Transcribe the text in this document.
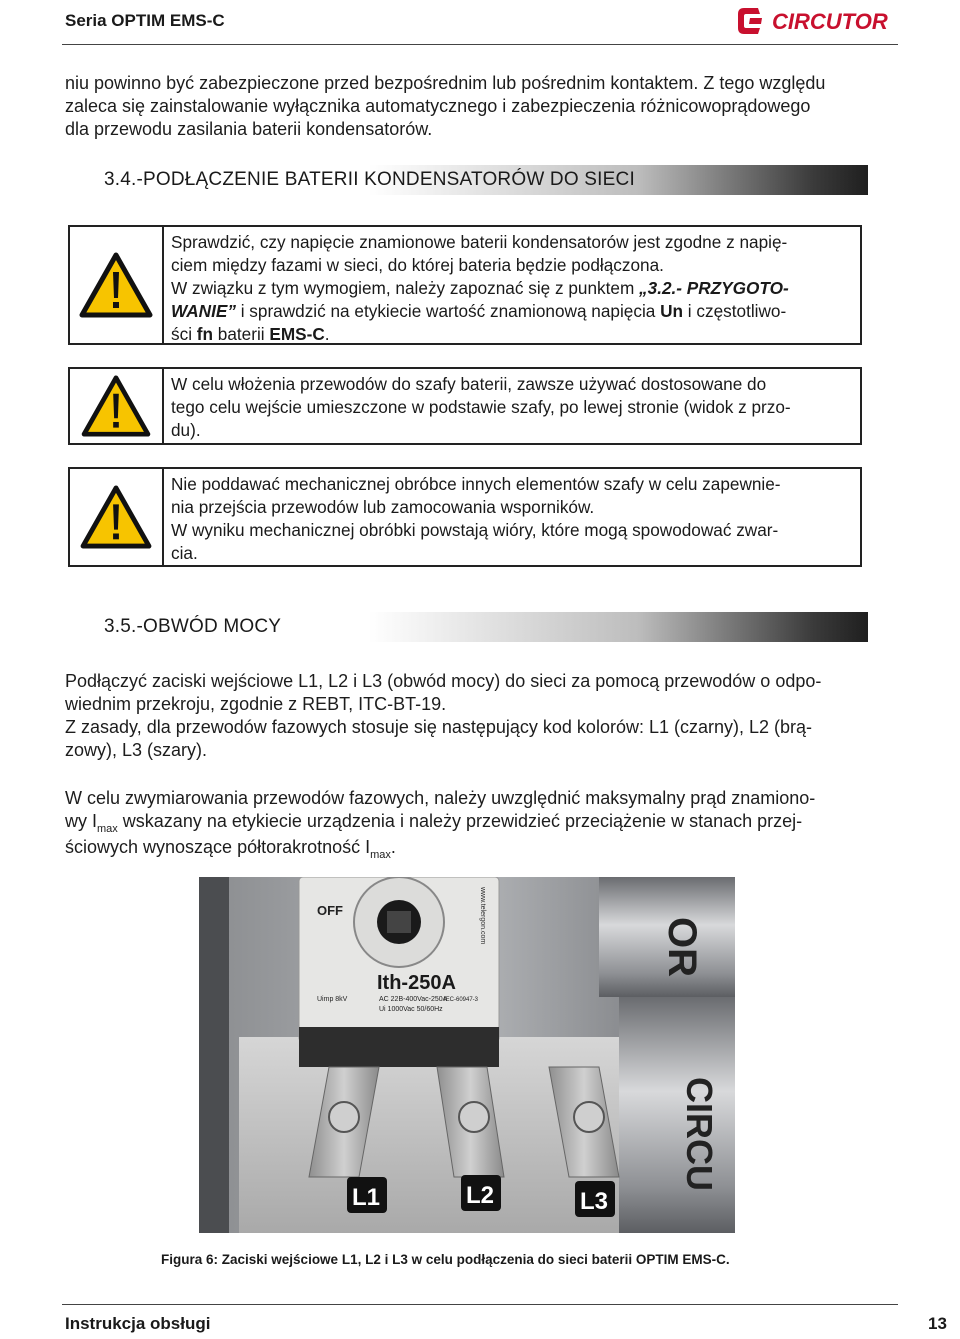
Seria OPTIM EMS-C	CIRCUTOR
niu powinno być zabezpieczone przed bezpośrednim lub pośrednim kontaktem. Z tego względu
zaleca się zainstalowanie wyłącznika automatycznego i zabezpieczenia różnicowoprądowego
dla przewodu zasilania baterii kondensatorów.
3.4.-PODŁĄCZENIE BATERII KONDENSATORÓW DO SIECI
Sprawdzić, czy napięcie znamionowe baterii kondensatorów jest zgodne z napię-
ciem między fazami w sieci, do której bateria będzie podłączona.
W związku z tym wymogiem, należy zapoznać się z punktem „3.2.- PRZYGOTO-
WANIE” i sprawdzić na etykiecie wartość znamionową napięcia Un i częstotliwo-
ści fn baterii EMS-C.
W celu włożenia przewodów do szafy baterii, zawsze używać dostosowane do
tego celu wejście umieszczone w podstawie szafy, po lewej stronie (widok z przo-
du).
Nie poddawać mechanicznej obróbce innych elementów szafy w celu zapewnie-
nia przejścia przewodów lub zamocowania wsporników.
W wyniku mechanicznej obróbki powstają wióry, które mogą spowodować zwar-
cia.
3.5.-OBWÓD MOCY
Podłączyć zaciski wejściowe L1, L2 i L3 (obwód mocy) do sieci za pomocą przewodów o odpo-
wiednim przekroju, zgodnie z REBT, ITC-BT-19.
Z zasady, dla przewodów fazowych stosuje się następujący kod kolorów: L1 (czarny), L2 (brą-
zowy), L3 (szary).
W celu zwymiarowania przewodów fazowych, należy uwzględnić maksymalny prąd znamiono-
wy $I_{max}$ wskazany na etykiecie urządzenia i należy przewidzieć przeciążenie w stanach przej-
ściowych wynoszące półtorakrotność $I_{max}$.
OR
CIRCU
OFF
Ith-250A
AC 22B-400Vac-250A
Ui 1000Vac 50/60Hz
Uimp 8kV	IEC-60947-3
www.telergon.com
L1	L2	L3
Figura 6: Zaciski wejściowe L1, L2 i L3 w celu podłączenia do sieci baterii OPTIM EMS-C.
Instrukcja obsługi	13
